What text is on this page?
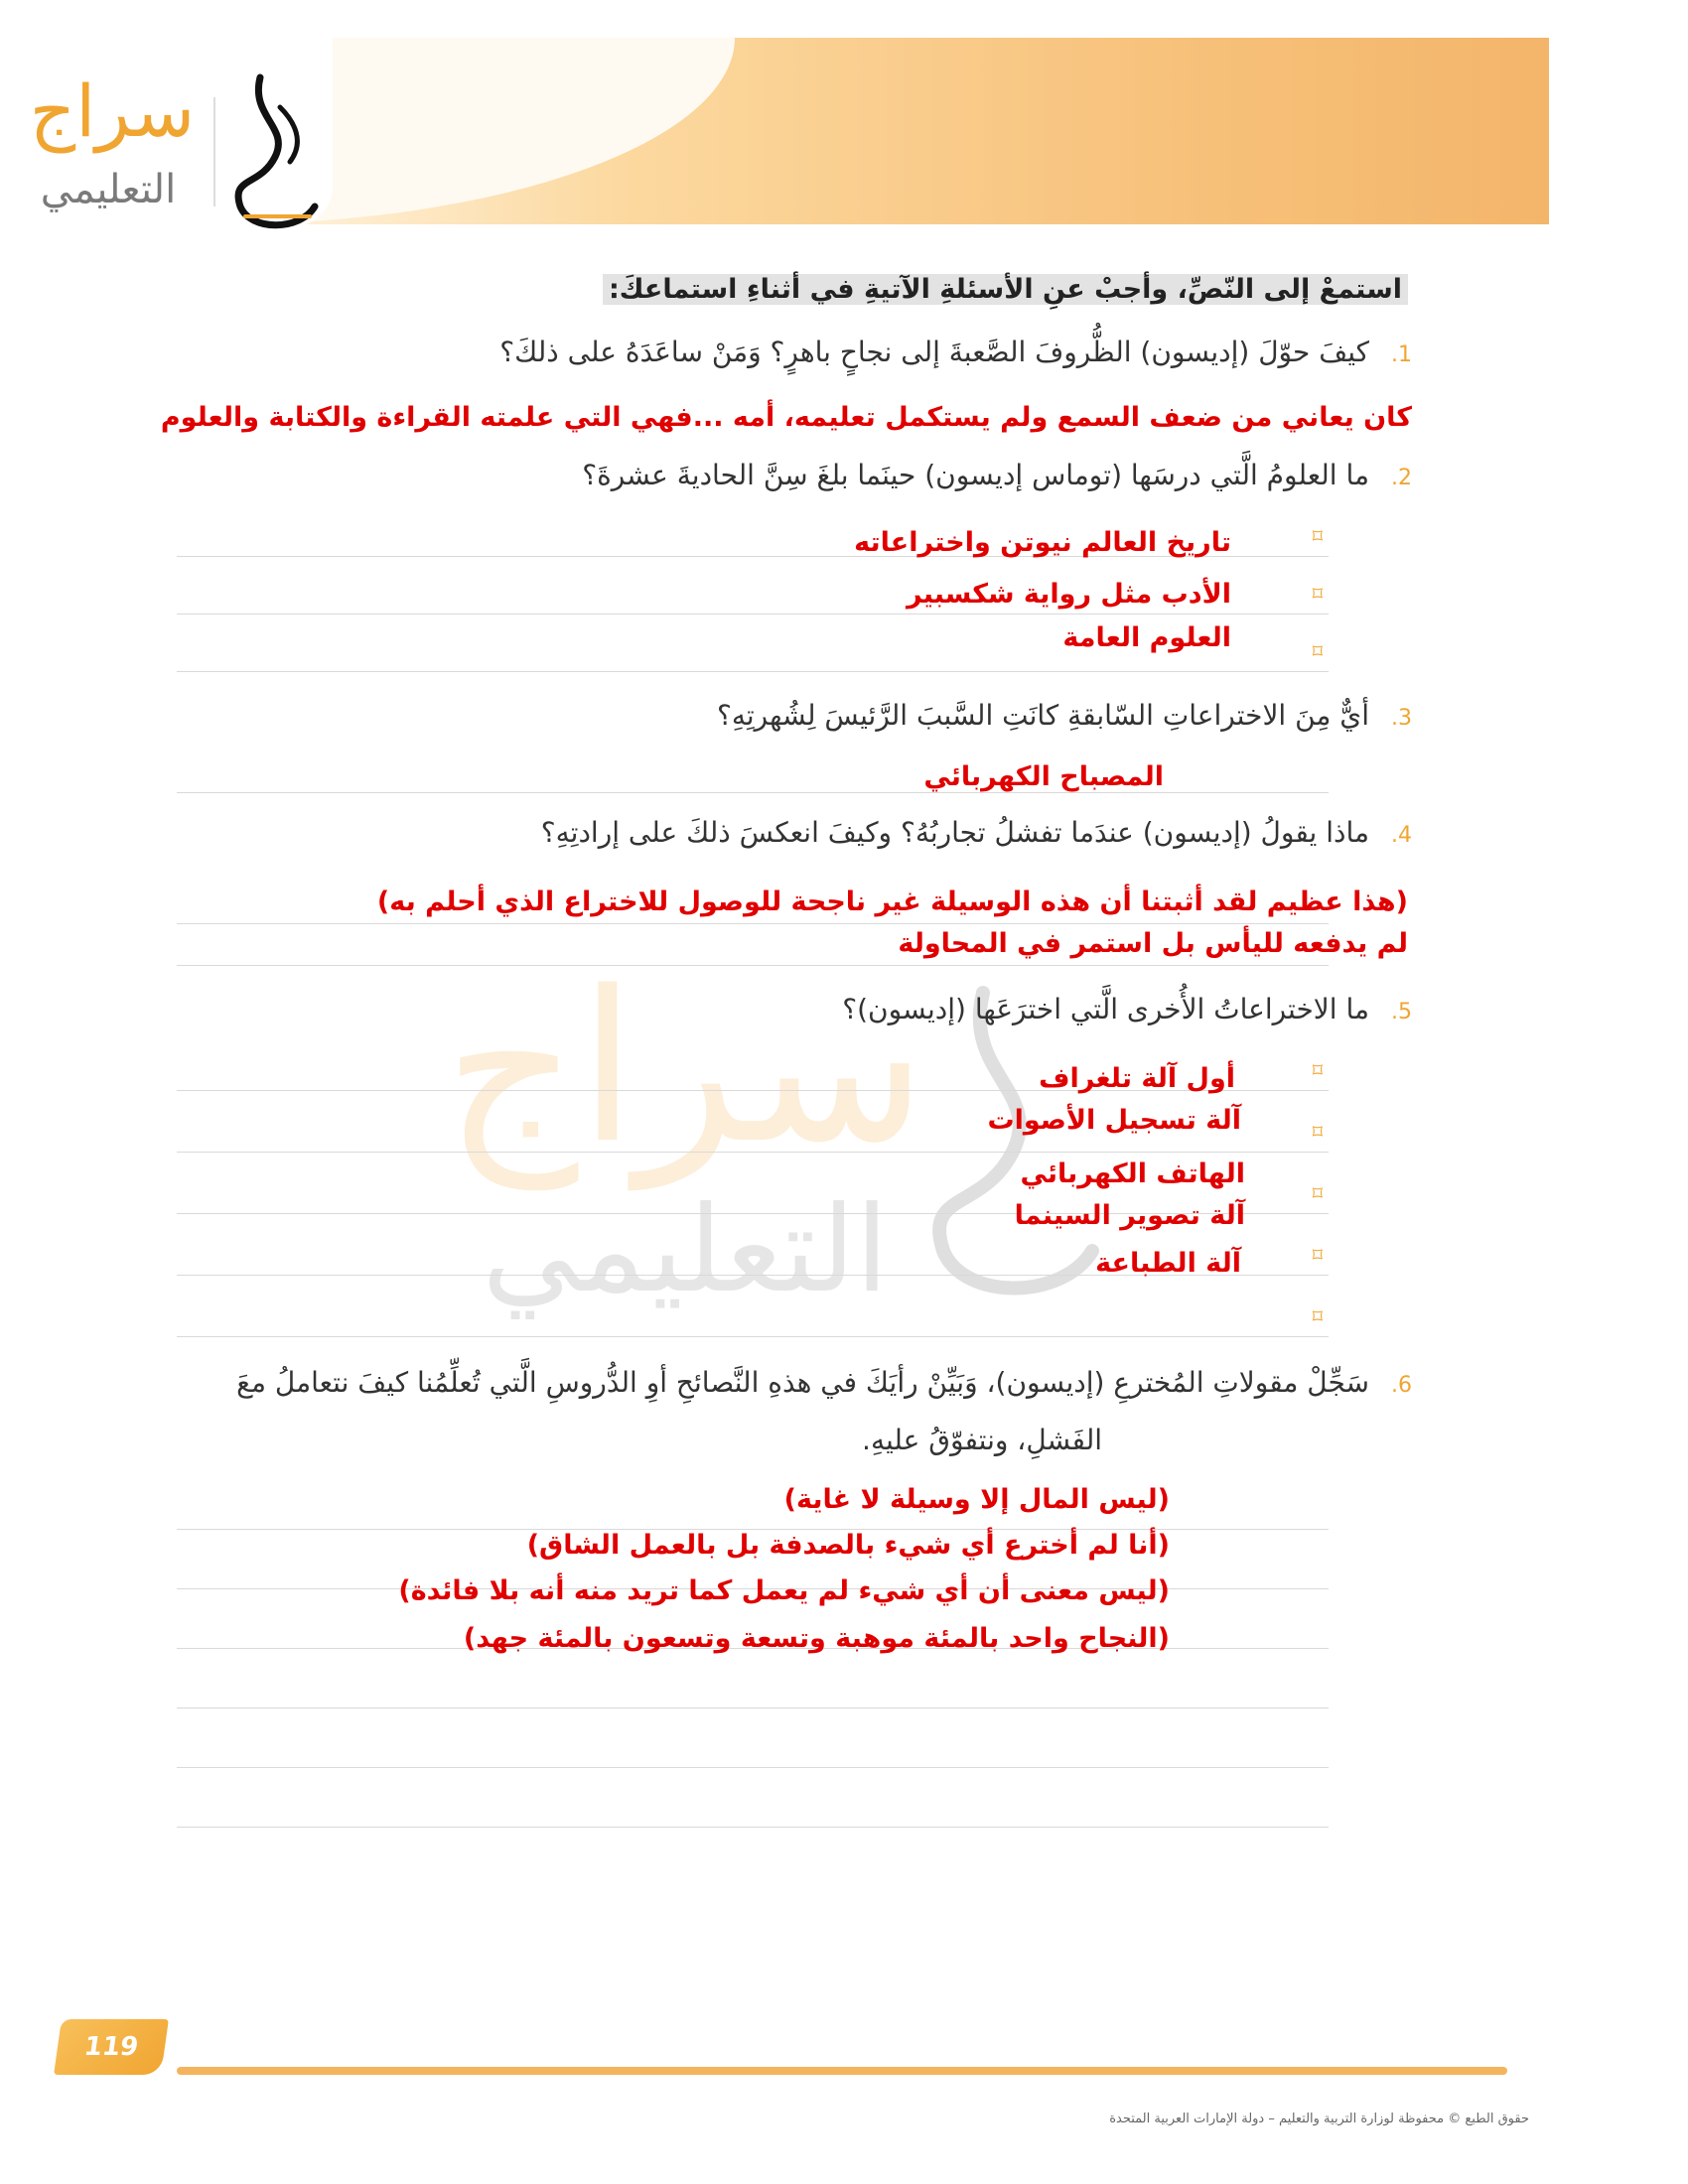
سراج
التعليمي
سراج
التعليمي
استمعْ إلى النّصِّ، وأجبْ عنِ الأسئلةِ الآتيةِ في أثناءِ استماعكَ:
1.كيفَ حوّلَ (إديسون) الظُّروفَ الصَّعبةَ إلى نجاحٍ باهرٍ؟ وَمَنْ ساعَدَهُ على ذلكَ؟
كان يعاني من ضعف السمع ولم يستكمل تعليمه، أمه ...فهي التي علمته القراءة والكتابة والعلوم
2.ما العلومُ الَّتي درسَها (توماس إديسون) حينَما بلغَ سِنَّ الحاديةَ عشرةَ؟
⌑
⌑
⌑
تاريخ العالم نيوتن واختراعاته
الأدب مثل رواية شكسبير
العلوم العامة
3.أيٌّ مِنَ الاختراعاتِ السّابقةِ كانَتِ السَّببَ الرَّئيسَ لِشُهرتِهِ؟
المصباح الكهربائي
4.ماذا يقولُ (إديسون) عندَما تفشلُ تجاربُهُ؟ وكيفَ انعكسَ ذلكَ على إرادتِهِ؟
(هذا عظيم لقد أثبتنا أن هذه الوسيلة غير ناجحة للوصول للاختراع الذي أحلم به)
لم يدفعه لليأس بل استمر في المحاولة
5.ما الاختراعاتُ الأُخرى الَّتي اخترَعَها (إديسون)؟
⌑
⌑
⌑
⌑
⌑
أول آلة تلغراف
آلة تسجيل الأصوات
الهاتف الكهربائي
آلة تصوير السينما
آلة الطباعة
6.سَجِّلْ مقولاتِ المُخترعِ (إديسون)، وَبَيِّنْ رأيَكَ في هذهِ النَّصائحِ أوِ الدُّروسِ الَّتي تُعلِّمُنا كيفَ نتعاملُ معَ
الفَشلِ، ونتفوّقُ عليهِ.
(ليس المال إلا وسيلة لا غاية)
(أنا لم أخترع أي شيء بالصدفة بل بالعمل الشاق)
(ليس معنى أن أي شيء لم يعمل كما تريد منه أنه بلا فائدة)
(النجاح واحد بالمئة موهبة وتسعة وتسعون بالمئة جهد)
119
حقوق الطبع © محفوظة لوزارة التربية والتعليم – دولة الإمارات العربية المتحدة
